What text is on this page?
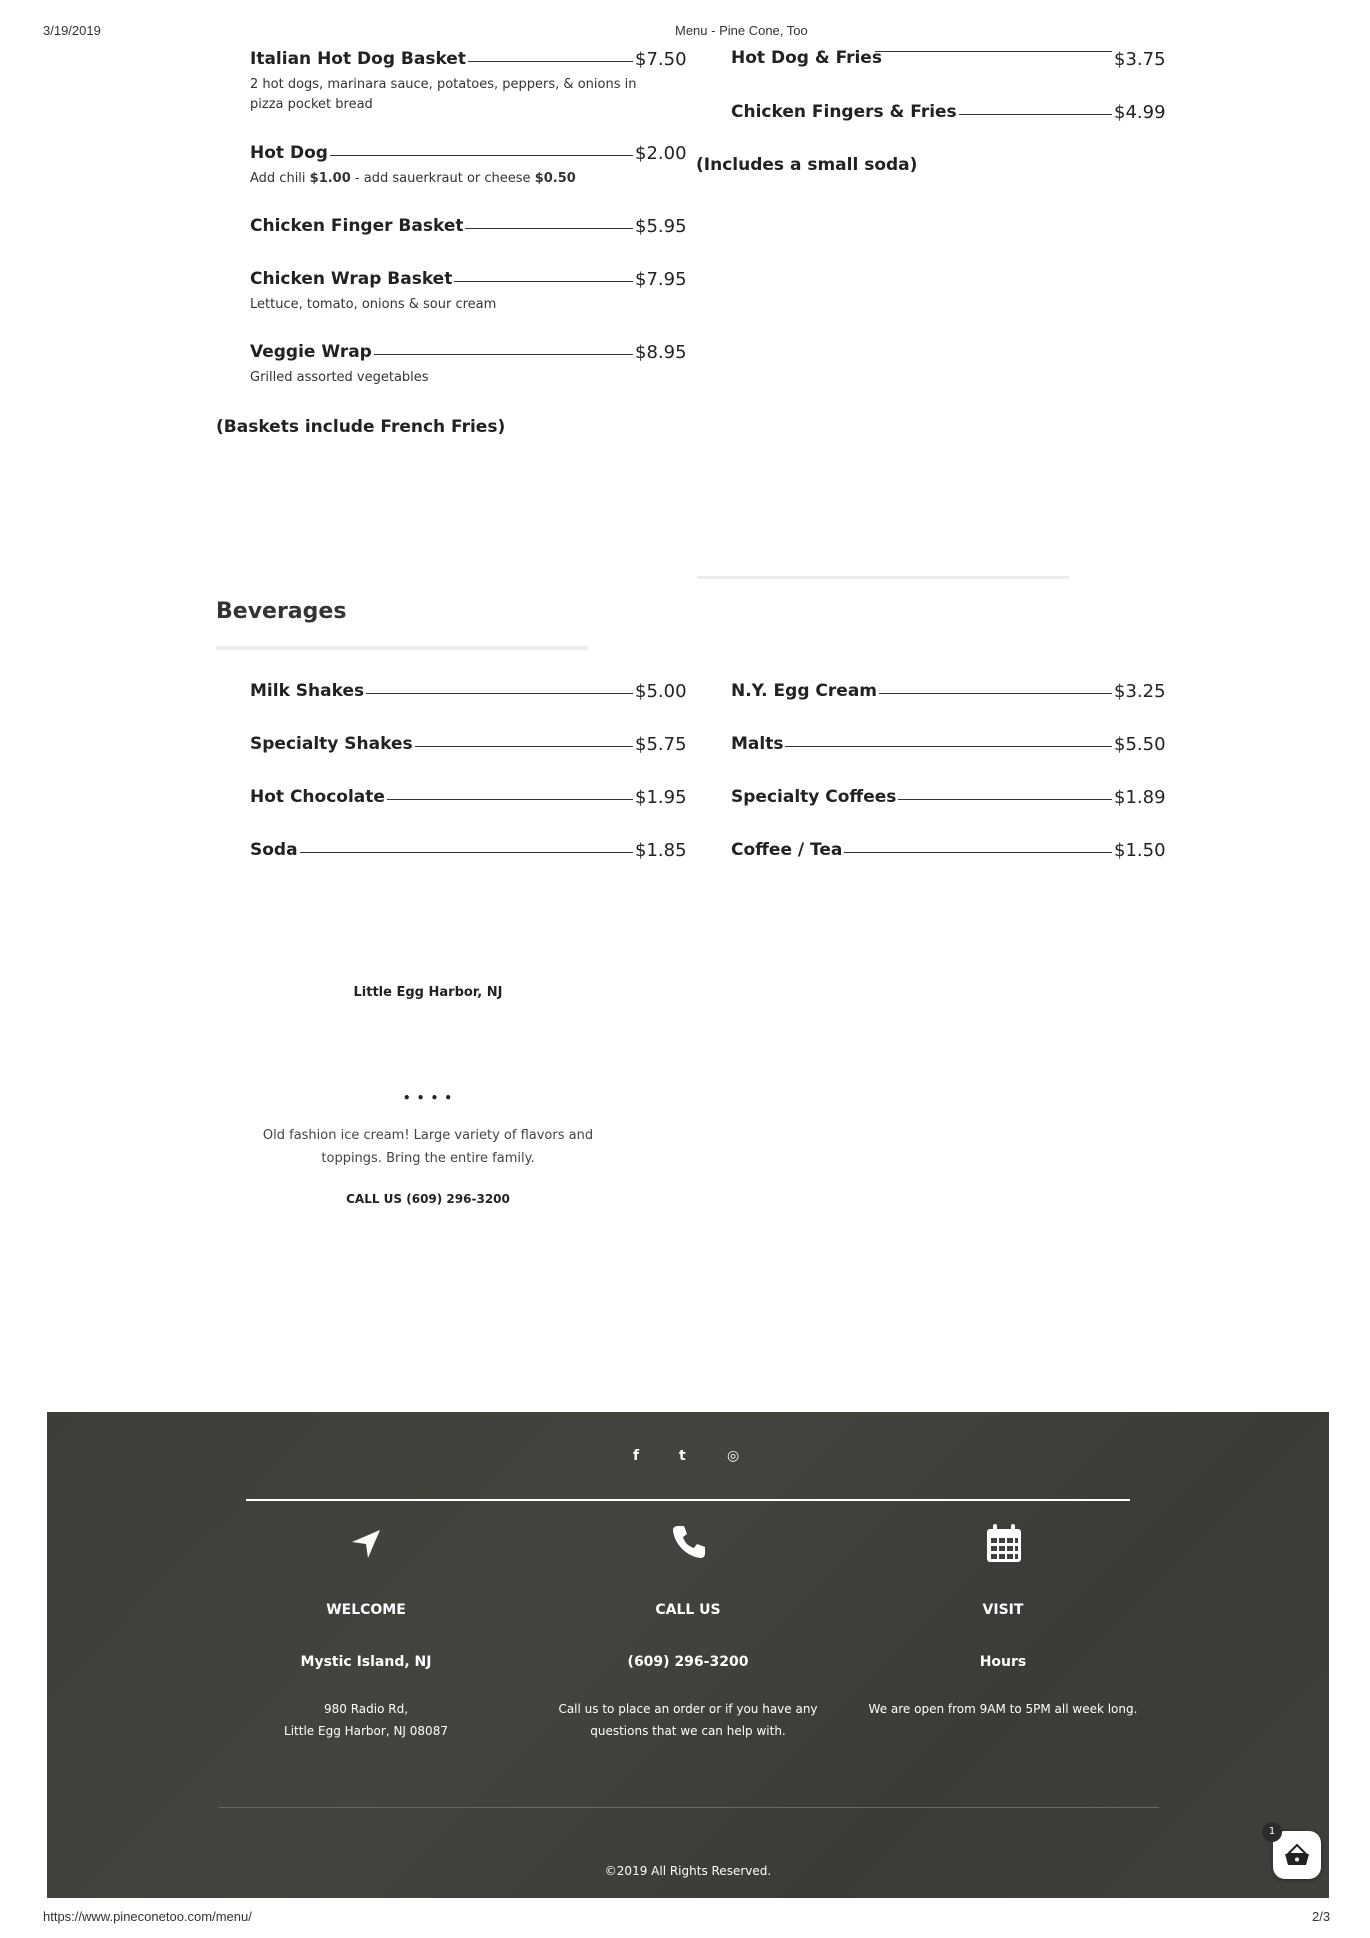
3/19/2019	Menu - Pine Cone, Too
Italian Hot Dog Basket	$7.50
2 hot dogs, marinara sauce, potatoes, peppers, & onions in pizza pocket bread
Hot Dog	$2.00
Add chili $1.00 - add sauerkraut or cheese $0.50
Chicken Finger Basket	$5.95
Chicken Wrap Basket	$7.95
Lettuce, tomato, onions & sour cream
Veggie Wrap	$8.95
Grilled assorted vegetables
(Baskets include French Fries)
Hot Dog & Fries	$3.75
Chicken Fingers & Fries	$4.99
(Includes a small soda)
Beverages
Milk Shakes	$5.00
Specialty Shakes	$5.75
Hot Chocolate	$1.95
Soda	$1.85
N.Y. Egg Cream	$3.25
Malts	$5.50
Specialty Coffees	$1.89
Coffee / Tea	$1.50
Little Egg Harbor, NJ
• • • •
Old fashion ice cream! Large variety of flavors and
toppings. Bring the entire family.
CALL US (609) 296-3200
f	t	◎
WELCOME
Mystic Island, NJ
980 Radio Rd,
Little Egg Harbor, NJ 08087
CALL US
(609) 296-3200
Call us to place an order or if you have any
questions that we can help with.
VISIT
Hours
We are open from 9AM to 5PM all week long.
©2019 All Rights Reserved.
1
https://www.pineconetoo.com/menu/	2/3
